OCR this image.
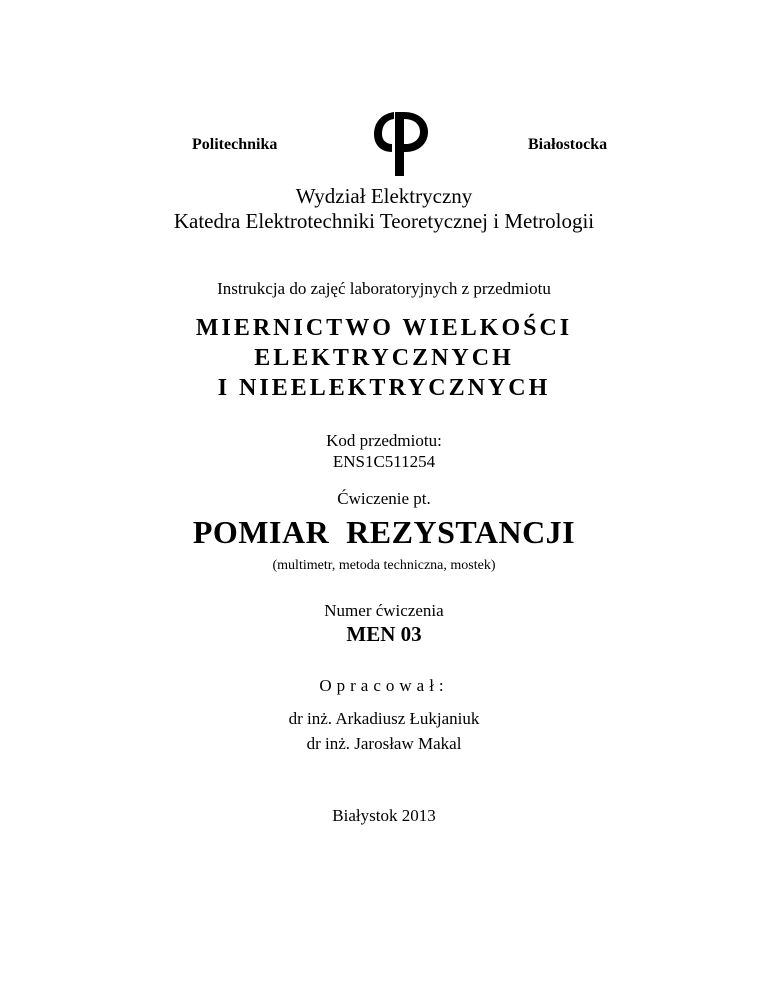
Politechnika	Białostocka
Wydział Elektryczny
Katedra Elektrotechniki Teoretycznej i Metrologii
Instrukcja do zajęć laboratoryjnych z przedmiotu
MIERNICTWO WIELKOŚCI
ELEKTRYCZNYCH
I NIEELEKTRYCZNYCH
Kod przedmiotu:
ENS1C511254
Ćwiczenie pt.
POMIAR  REZYSTANCJI
(multimetr, metoda techniczna, mostek)
Numer ćwiczenia
MEN 03
Opracował:
dr inż. Arkadiusz Łukjaniuk
dr inż. Jarosław Makal
Białystok 2013
